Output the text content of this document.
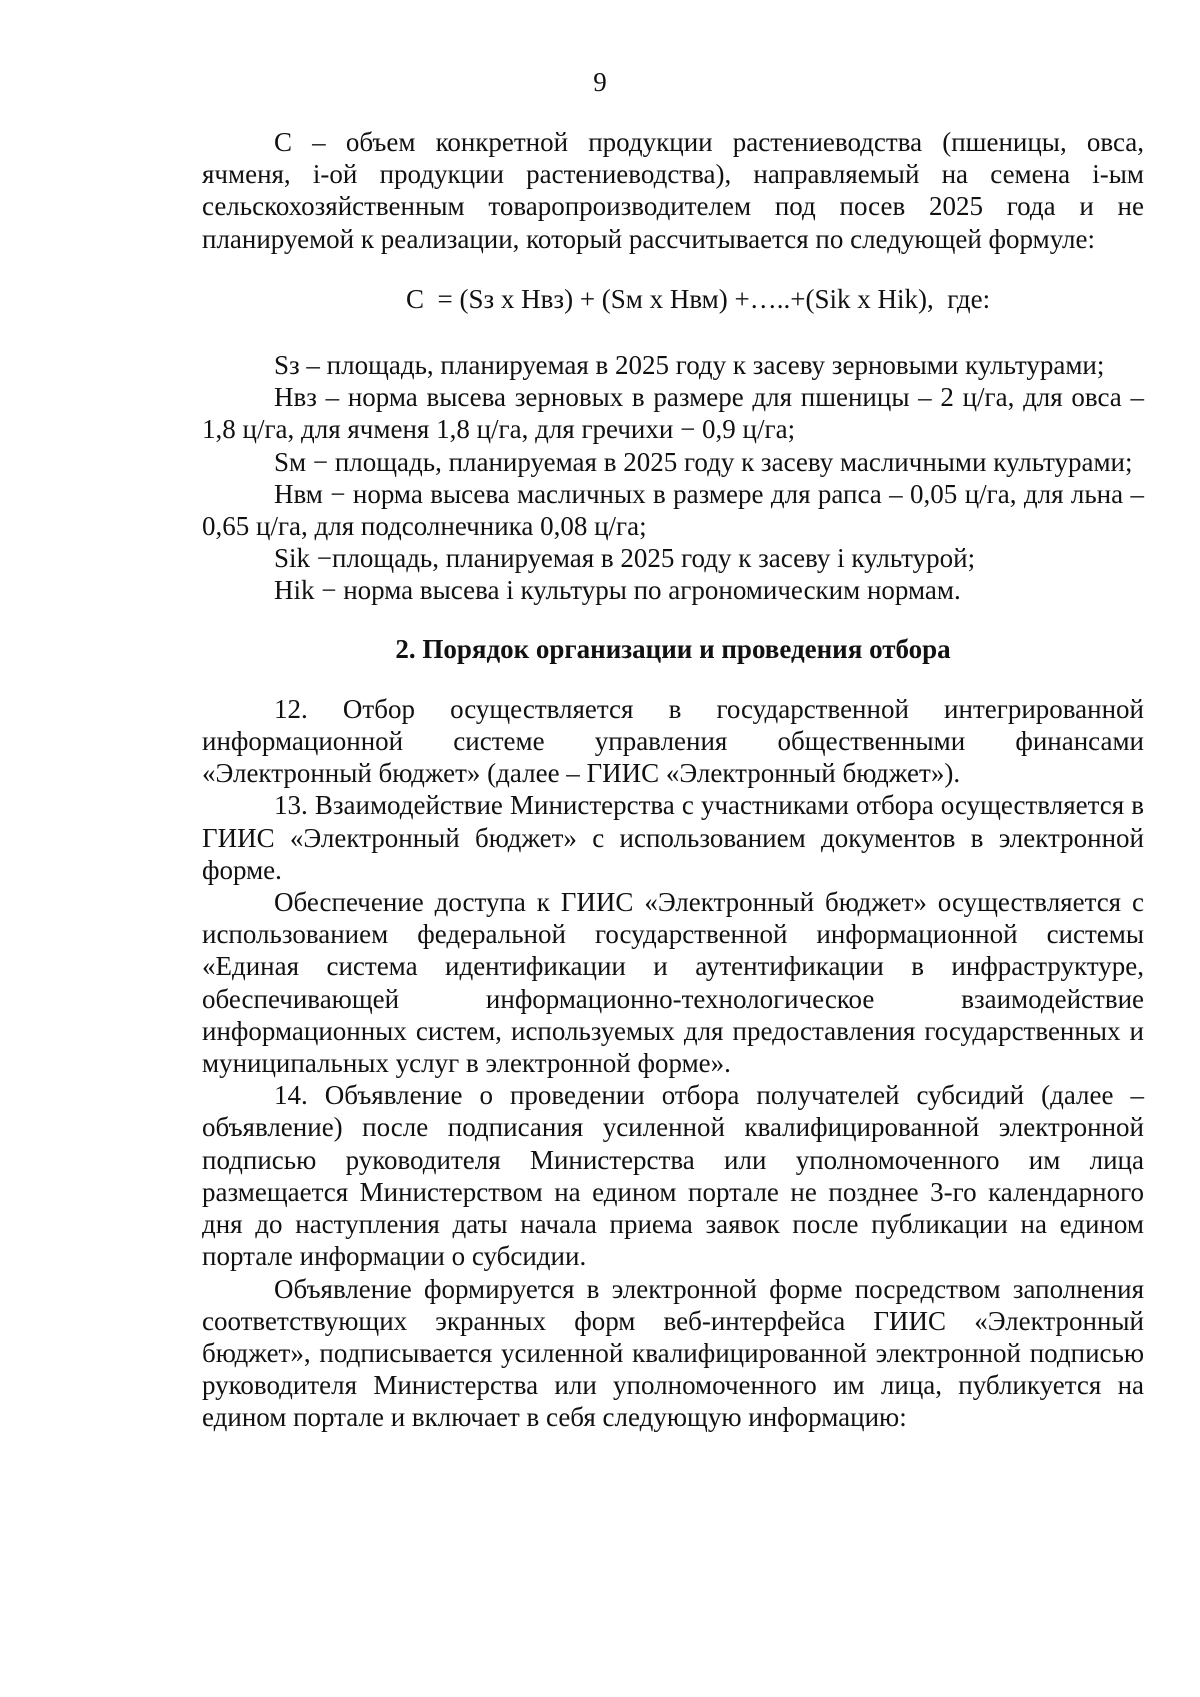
9

С – объем конкретной продукции растениеводства (пшеницы, овса, ячменя, i-ой продукции растениеводства), направляемый на семена i-ым сельскохозяйственным товаропроизводителем под посев 2025 года и не планируемой к реализации, который рассчитывается по следующей формуле:

С  = (Sз х Нвз) + (Sм х Нвм) +…..+(Sik х Нik),  где:

Sз – площадь, планируемая в 2025 году к засеву зерновыми культурами;

Нвз – норма высева зерновых в размере для пшеницы – 2 ц/га, для овса – 1,8 ц/га, для ячменя 1,8 ц/га, для гречихи − 0,9 ц/га;

Sм − площадь, планируемая в 2025 году к засеву масличными культурами;

Нвм − норма высева масличных в размере для рапса – 0,05 ц/га, для льна – 0,65 ц/га, для подсолнечника 0,08 ц/га;

Sik −площадь, планируемая в 2025 году к засеву i культурой;

Нik − норма высева i культуры по агрономическим нормам.

2. Порядок организации и проведения отбора

12. Отбор осуществляется в государственной интегрированной информационной системе управления общественными финансами «Электронный бюджет» (далее – ГИИС «Электронный бюджет»).

13. Взаимодействие Министерства с участниками отбора осуществляется в ГИИС «Электронный бюджет» с использованием документов в электронной форме.

Обеспечение доступа к ГИИС «Электронный бюджет» осуществляется с использованием федеральной государственной информационной системы «Единая система идентификации и аутентификации в инфраструктуре, обеспечивающей информационно-технологическое взаимодействие информационных систем, используемых для предоставления государственных и муниципальных услуг в электронной форме».

14. Объявление о проведении отбора получателей субсидий (далее – объявление) после подписания усиленной квалифицированной электронной подписью руководителя Министерства или уполномоченного им лица размещается Министерством на едином портале не позднее 3-го календарного дня до наступления даты начала приема заявок после публикации на едином портале информации о субсидии.

Объявление формируется в электронной форме посредством заполнения соответствующих экранных форм веб-интерфейса ГИИС «Электронный бюджет», подписывается усиленной квалифицированной электронной подписью руководителя Министерства или уполномоченного им лица, публикуется на едином портале и включает в себя следующую информацию:
